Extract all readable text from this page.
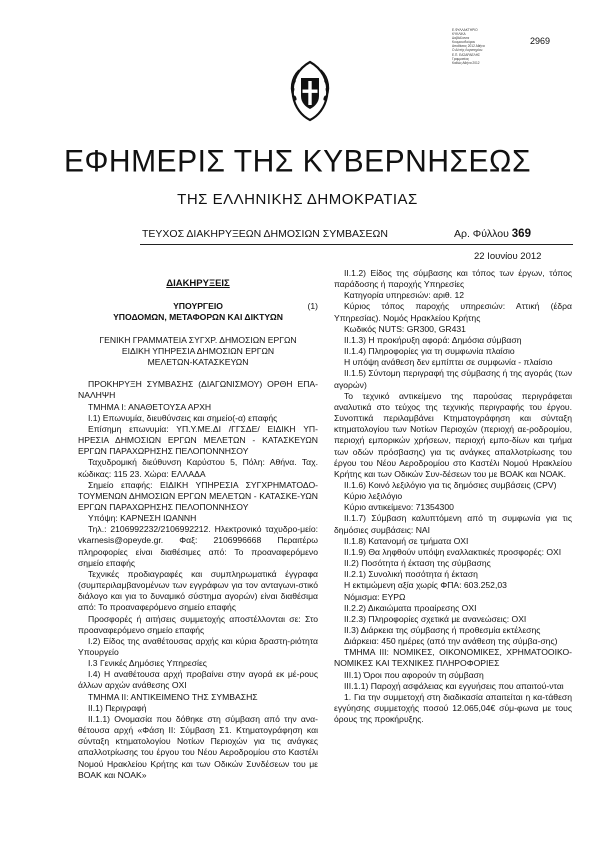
Ε.ΦΥΛΛΑΚΤΗΡΙΟ
ΚΥΚΛΙΚΑ
Δαβάλλοντα
Κουμουνδούρου
Αποθέσεις 2012 Αθήνα
Ο Δ/ντής Λογιστηρίου
Ε.Π. ΕΑΣΑΡΔΕΛΗΣ
Γραμματέας
Καθώς Αθήνα 2012
2969
ΕΦΗΜΕΡΙΣ ΤΗΣ ΚΥΒΕΡΝΗΣΕΩΣ
ΤΗΣ ΕΛΛΗΝΙΚΗΣ ΔΗΜΟΚΡΑΤΙΑΣ
ΤΕΥΧΟΣ ΔΙΑΚΗΡΥΞΕΩΝ ΔΗΜΟΣΙΩΝ ΣΥΜΒΑΣΕΩΝ	Αρ. Φύλλου 369
22 Ιουνίου 2012
ΔΙΑΚΗΡΥΞΕΙΣ
(1)

ΥΠΟΥΡΓΕΙΟ

ΥΠΟΔΟΜΩΝ, ΜΕΤΑΦΟΡΩΝ ΚΑΙ ΔΙΚΤΥΩΝ

ΓΕΝΙΚΗ ΓΡΑΜΜΑΤΕΙΑ ΣΥΓΧΡ. ΔΗΜΟΣΙΩΝ ΕΡΓΩΝ

ΕΙΔΙΚΗ ΥΠΗΡΕΣΙΑ ΔΗΜΟΣΙΩΝ ΕΡΓΩΝ

ΜΕΛΕΤΩΝ-ΚΑΤΑΣΚΕΥΩΝ

ΠΡΟΚΗΡΥΞΗ ΣΥΜΒΑΣΗΣ (ΔΙΑΓΩΝΙΣΜΟΥ) ΟΡΘΗ ΕΠΑ-ΝΑΛΗΨΗ

ΤΜΗΜΑ Ι: ΑΝΑΘΕΤΟΥΣΑ ΑΡΧΗ

Ι.1) Επωνυμία, διευθύνσεις και σημείο(-α) επαφής

Επίσημη επωνυμία: ΥΠ.Υ.ΜΕ.ΔΙ /ΓΓΣΔΕ/ ΕΙΔΙΚΗ ΥΠ-ΗΡΕΣΙΑ ΔΗΜΟΣΙΩΝ ΕΡΓΩΝ ΜΕΛΕΤΩΝ - ΚΑΤΑΣΚΕΥΩΝ ΕΡΓΩΝ ΠΑΡΑΧΩΡΗΣΗΣ ΠΕΛΟΠΟΝΝΗΣΟΥ

Ταχυδρομική διεύθυνση Καρύστου 5, Πόλη: Αθήνα. Ταχ. κώδικας: 115 23. Χώρα: ΕΛΛΑΔΑ

Σημείο επαφής: ΕΙΔΙΚΗ ΥΠΗΡΕΣΙΑ ΣΥΓΧΡΗΜΑΤΟΔΟ-ΤΟΥΜΕΝΩΝ ΔΗΜΟΣΙΩΝ ΕΡΓΩΝ ΜΕΛΕΤΩΝ - ΚΑΤΑΣΚΕ-ΥΩΝ ΕΡΓΩΝ ΠΑΡΑΧΩΡΗΣΗΣ ΠΕΛΟΠΟΝΝΗΣΟΥ

Υπόψη: ΚΑΡΝΕΣΗ ΙΩΑΝΝΗ

Τηλ.: 2106992232/2106992212. Ηλεκτρονικό ταχυδρο-μείο: vkarnesis@opeyde.gr. Φαξ: 2106996668 Περαιτέρω πληροφορίες είναι διαθέσιμες από: Το προαναφερόμενο σημείο επαφής

Τεχνικές προδιαγραφές και συμπληρωματικά έγγραφα (συμπεριλαμβανομένων των εγγράφων για τον ανταγωνι-στικό διάλογο και για το δυναμικό σύστημα αγορών) είναι διαθέσιμα από: Το προαναφερόμενο σημείο επαφής

Προσφορές ή αιτήσεις συμμετοχής αποστέλλονται σε: Στο προαναφερόμενο σημείο επαφής

Ι.2) Είδος της αναθέτουσας αρχής και κύρια δραστη-ριότητα Υπουργείο

Ι.3 Γενικές Δημόσιες Υπηρεσίες

Ι.4) Η αναθέτουσα αρχή προβαίνει στην αγορά εκ μέ-ρους άλλων αρχών ανάθεσης ΟΧΙ

ΤΜΗΜΑ ΙΙ: ΑΝΤΙΚΕΙΜΕΝΟ ΤΗΣ ΣΥΜΒΑΣΗΣ

ΙΙ.1) Περιγραφή

ΙΙ.1.1) Ονομασία που δόθηκε στη σύμβαση από την ανα-θέτουσα αρχή «Φάση ΙΙ: Σύμβαση Σ1. Κτηματογράφηση και σύνταξη κτηματολογίου Νοτίων Περιοχών για τις ανάγκες απαλλοτρίωσης του έργου του Νέου Αεροδρομίου στο Καστέλι Νομού Ηρακλείου Κρήτης και των Οδικών Συνδέσεων του με ΒΟΑΚ και ΝΟΑΚ»

ΙΙ.1.2) Είδος της σύμβασης και τόπος των έργων, τόπος παράδοσης ή παροχής Υπηρεσίες

Κατηγορία υπηρεσιών: αριθ. 12

Κύριος τόπος παροχής υπηρεσιών: Αττική (έδρα Υπηρεσίας). Νομός Ηρακλείου Κρήτης

Κωδικός NUTS: GR300, GR431

ΙΙ.1.3) Η προκήρυξη αφορά: Δημόσια σύμβαση

ΙΙ.1.4) Πληροφορίες για τη συμφωνία πλαίσιο

Η υπόψη ανάθεση δεν εμπίπτει σε συμφωνία - πλαίσιο

ΙΙ.1.5) Σύντομη περιγραφή της σύμβασης ή της αγοράς (των αγορών)

Το τεχνικό αντικείμενο της παρούσας περιγράφεται αναλυτικά στο τεύχος της τεχνικής περιγραφής του έργου. Συνοπτικά περιλαμβάνει Κτηματογράφηση και σύνταξη κτηματολογίου των Νοτίων Περιοχών (περιοχή αε-ροδρομίου, περιοχή εμπορικών χρήσεων, περιοχή εμπο-δίων και τμήμα των οδών πρόσβασης) για τις ανάγκες απαλλοτρίωσης του έργου του Νέου Αεροδρομίου στο Καστέλι Νομού Ηρακλείου Κρήτης και των Οδικών Συν-δέσεων του με ΒΟΑΚ και ΝΟΑΚ.

ΙΙ.1.6) Κοινό λεξιλόγιο για τις δημόσιες συμβάσεις (CPV)

Κύριο λεξιλόγιο

Κύριο αντικείμενο: 71354300

ΙΙ.1.7) Σύμβαση καλυπτόμενη από τη συμφωνία για τις δημόσιες συμβάσεις: ΝΑΙ

ΙΙ.1.8) Κατανομή σε τμήματα ΟΧΙ

ΙΙ.1.9) Θα ληφθούν υπόψη εναλλακτικές προσφορές: ΟΧΙ

ΙΙ.2) Ποσότητα ή έκταση της σύμβασης

ΙΙ.2.1) Συνολική ποσότητα ή έκταση

Η εκτιμώμενη αξία χωρίς ΦΠΑ: 603.252,03

Νόμισμα: ΕΥΡΩ

ΙΙ.2.2) Δικαιώματα προαίρεσης ΟΧΙ

ΙΙ.2.3) Πληροφορίες σχετικά με ανανεώσεις: ΟΧΙ

ΙΙ.3) Διάρκεια της σύμβασης ή προθεσμία εκτέλεσης

Διάρκεια: 450 ημέρες (από την ανάθεση της σύμβα-σης)

ΤΜΗΜΑ ΙΙΙ: ΝΟΜΙΚΕΣ, ΟΙΚΟΝΟΜΙΚΕΣ, ΧΡΗΜΑΤΟΟΙΚΟ-ΝΟΜΙΚΕΣ ΚΑΙ ΤΕΧΝΙΚΕΣ ΠΛΗΡΟΦΟΡΙΕΣ

ΙΙΙ.1) Όροι που αφορούν τη σύμβαση

ΙΙΙ.1.1) Παροχή ασφάλειας και εγγυήσεις που απαιτού-νται

1. Για την συμμετοχή στη διαδικασία απαιτείται η κα-τάθεση εγγύησης συμμετοχής ποσού 12.065,04€ σύμ-φωνα με τους όρους της προκήρυξης.
